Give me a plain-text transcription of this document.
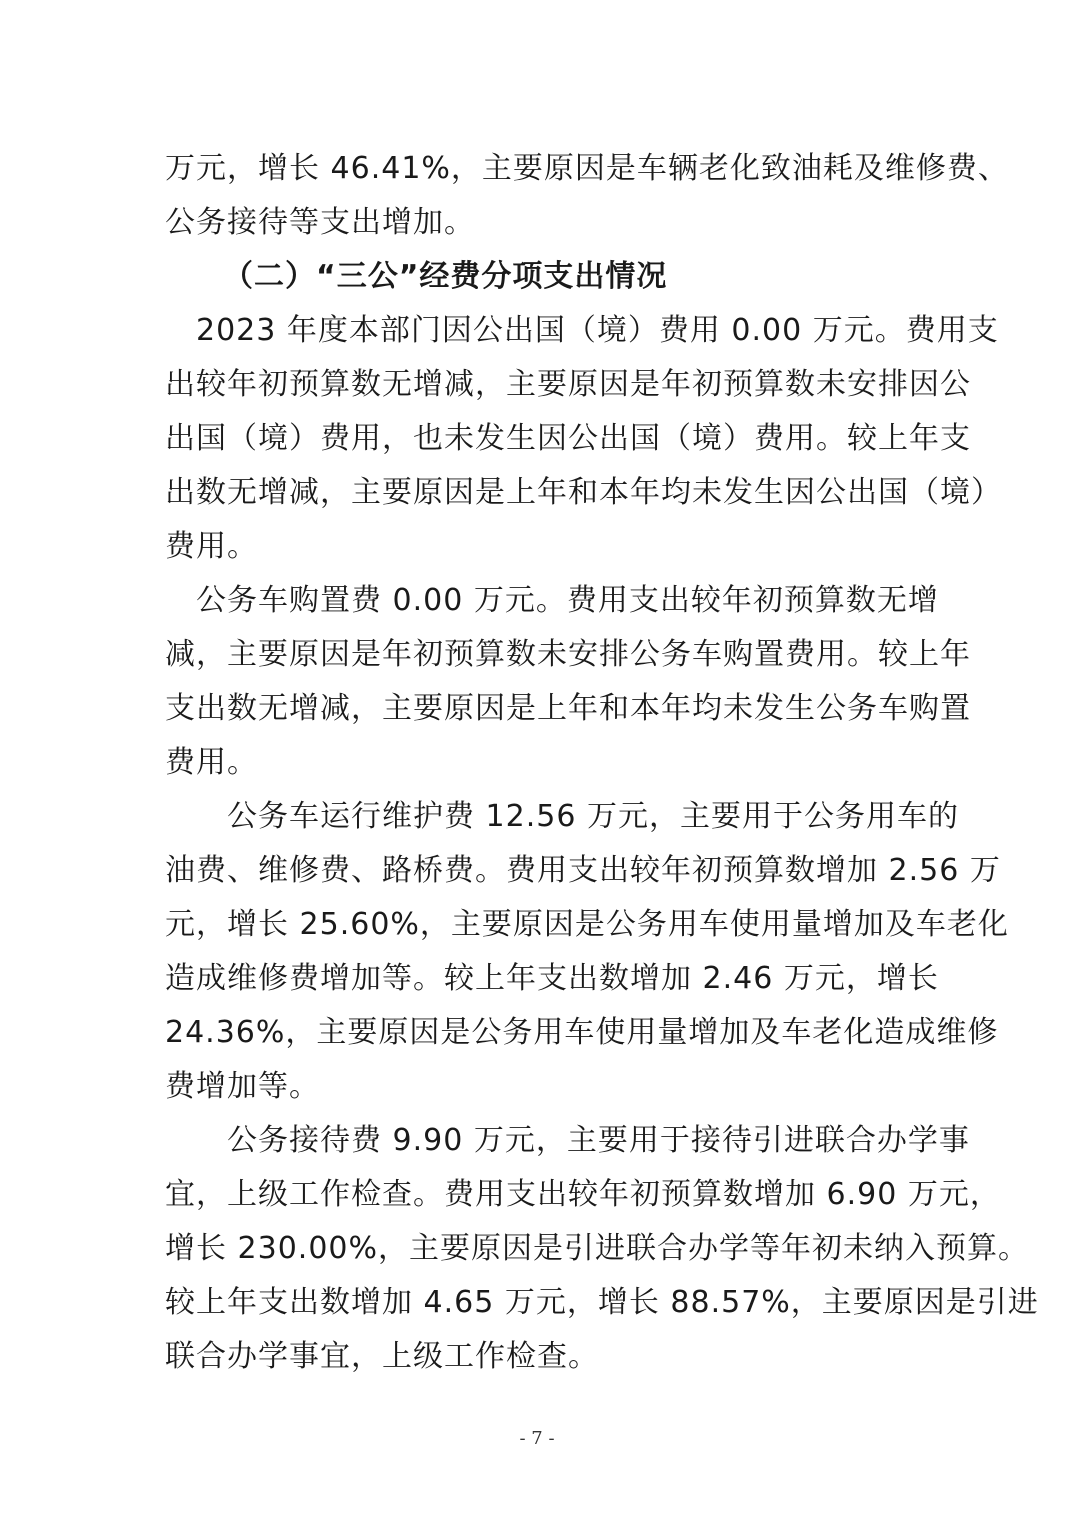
万元，增长 46.41%，主要原因是车辆老化致油耗及维修费、
公务接待等支出增加。
（二）“三公”经费分项支出情况
　2023 年度本部门因公出国（境）费用 0.00 万元。费用支
出较年初预算数无增减，主要原因是年初预算数未安排因公
出国（境）费用，也未发生因公出国（境）费用。较上年支
出数无增减，主要原因是上年和本年均未发生因公出国（境）
费用。
　公务车购置费 0.00 万元。费用支出较年初预算数无增
减，主要原因是年初预算数未安排公务车购置费用。较上年
支出数无增减，主要原因是上年和本年均未发生公务车购置
费用。
　　公务车运行维护费 12.56 万元，主要用于公务用车的
油费、维修费、路桥费。费用支出较年初预算数增加 2.56 万
元，增长 25.60%，主要原因是公务用车使用量增加及车老化
造成维修费增加等。较上年支出数增加 2.46 万元，增长
24.36%，主要原因是公务用车使用量增加及车老化造成维修
费增加等。
　　公务接待费 9.90 万元，主要用于接待引进联合办学事
宜，上级工作检查。费用支出较年初预算数增加 6.90 万元，
增长 230.00%，主要原因是引进联合办学等年初未纳入预算。
较上年支出数增加 4.65 万元，增长 88.57%，主要原因是引进
联合办学事宜，上级工作检查。
- 7 -
